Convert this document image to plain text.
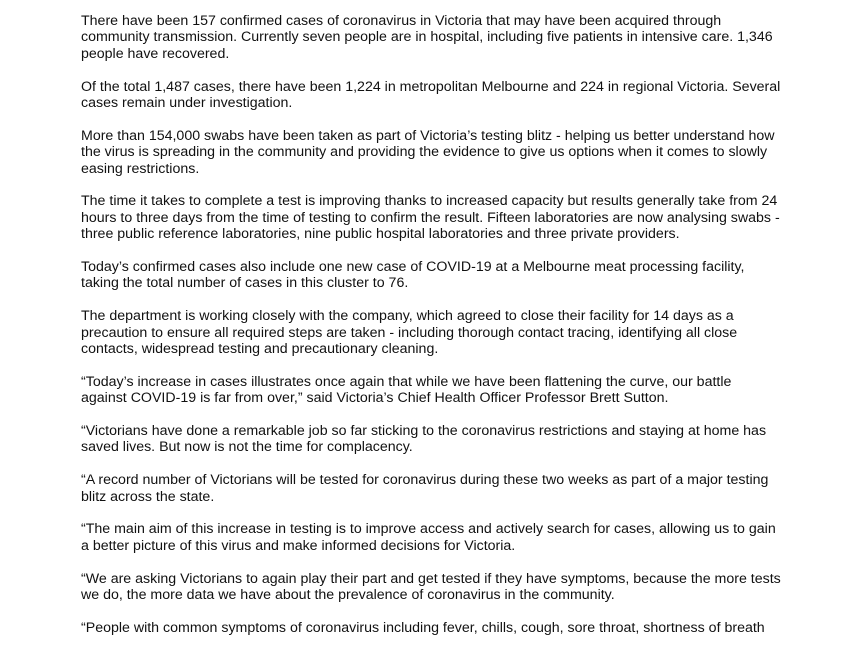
There have been 157 confirmed cases of coronavirus in Victoria that may have been acquired through community transmission. Currently seven people are in hospital, including five patients in intensive care. 1,346 people have recovered.

Of the total 1,487 cases, there have been 1,224 in metropolitan Melbourne and 224 in regional Victoria. Several cases remain under investigation.

More than 154,000 swabs have been taken as part of Victoria’s testing blitz - helping us better understand how the virus is spreading in the community and providing the evidence to give us options when it comes to slowly easing restrictions.

The time it takes to complete a test is improving thanks to increased capacity but results generally take from 24 hours to three days from the time of testing to confirm the result. Fifteen laboratories are now analysing swabs - three public reference laboratories, nine public hospital laboratories and three private providers.

Today’s confirmed cases also include one new case of COVID-19 at a Melbourne meat processing facility, taking the total number of cases in this cluster to 76.

The department is working closely with the company, which agreed to close their facility for 14 days as a precaution to ensure all required steps are taken - including thorough contact tracing, identifying all close contacts, widespread testing and precautionary cleaning.

“Today’s increase in cases illustrates once again that while we have been flattening the curve, our battle against COVID-19 is far from over,” said Victoria’s Chief Health Officer Professor Brett Sutton.

“Victorians have done a remarkable job so far sticking to the coronavirus restrictions and staying at home has saved lives. But now is not the time for complacency.

“A record number of Victorians will be tested for coronavirus during these two weeks as part of a major testing blitz across the state.

“The main aim of this increase in testing is to improve access and actively search for cases, allowing us to gain a better picture of this virus and make informed decisions for Victoria.

“We are asking Victorians to again play their part and get tested if they have symptoms, because the more tests we do, the more data we have about the prevalence of coronavirus in the community.

“People with common symptoms of coronavirus including fever, chills, cough, sore throat, shortness of breath
